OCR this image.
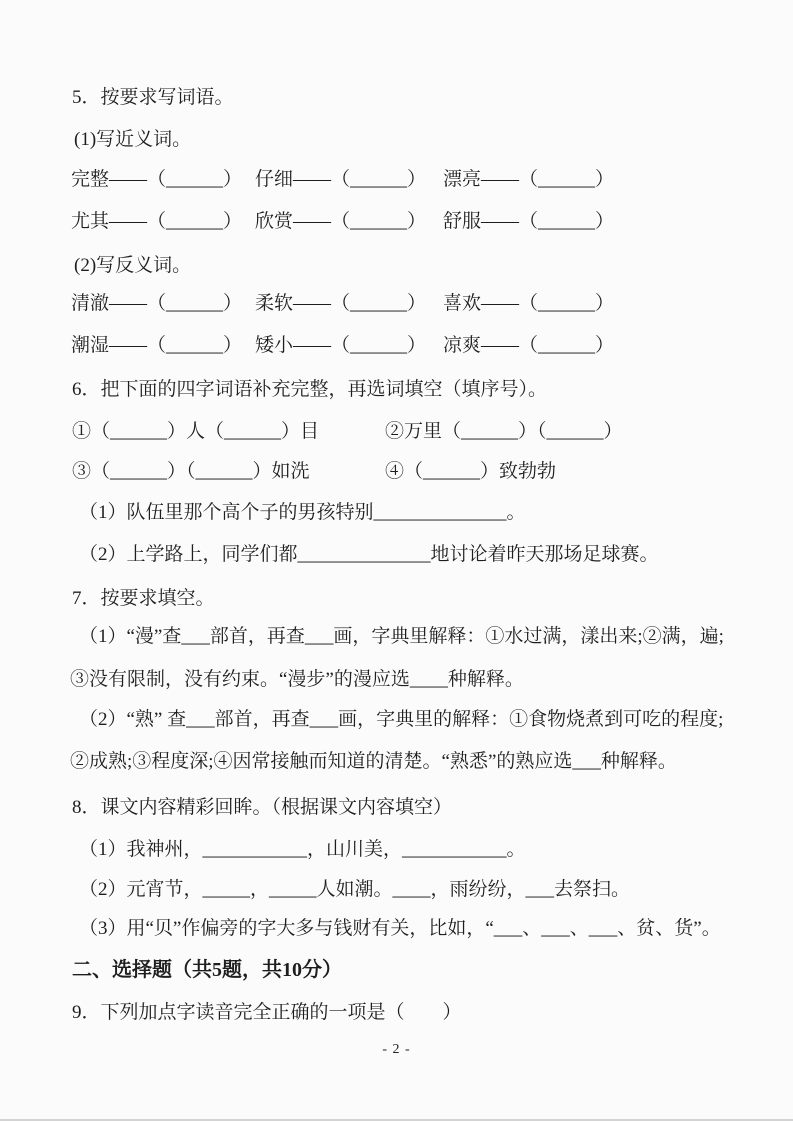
5．按要求写词语。
(1)写近义词。
完整——（______） 仔细——（______） 漂亮——（______）
尤其——（______） 欣赏——（______） 舒服——（______）
(2)写反义词。
清澈——（______） 柔软——（______） 喜欢——（______）
潮湿——（______） 矮小——（______） 凉爽——（______）
6．把下面的四字词语补充完整，再选词填空（填序号）。
①（______）人（______）目	②万里（______）（______）
③（______）（______）如洗	④（______）致勃勃
（1）队伍里那个高个子的男孩特别______________。
（2）上学路上，同学们都______________地讨论着昨天那场足球赛。
7．按要求填空。
（1）“漫”查___部首，再查___画，字典里解释：①水过满，漾出来;②满，遍;
③没有限制，没有约束。“漫步”的漫应选____种解释。
（2）“熟” 查___部首，再查___画，字典里的解释：①食物烧煮到可吃的程度;
②成熟;③程度深;④因常接触而知道的清楚。“熟悉”的熟应选___种解释。
8．课文内容精彩回眸。（根据课文内容填空）
（1）我神州，___________，山川美，___________。
（2）元宵节，_____，_____人如潮。____，雨纷纷，___去祭扫。
（3）用“贝”作偏旁的字大多与钱财有关，比如，“___、___、___、贫、货”。
二、选择题（共5题，共10分）
9．下列加点字读音完全正确的一项是（　　）
- 2 -
